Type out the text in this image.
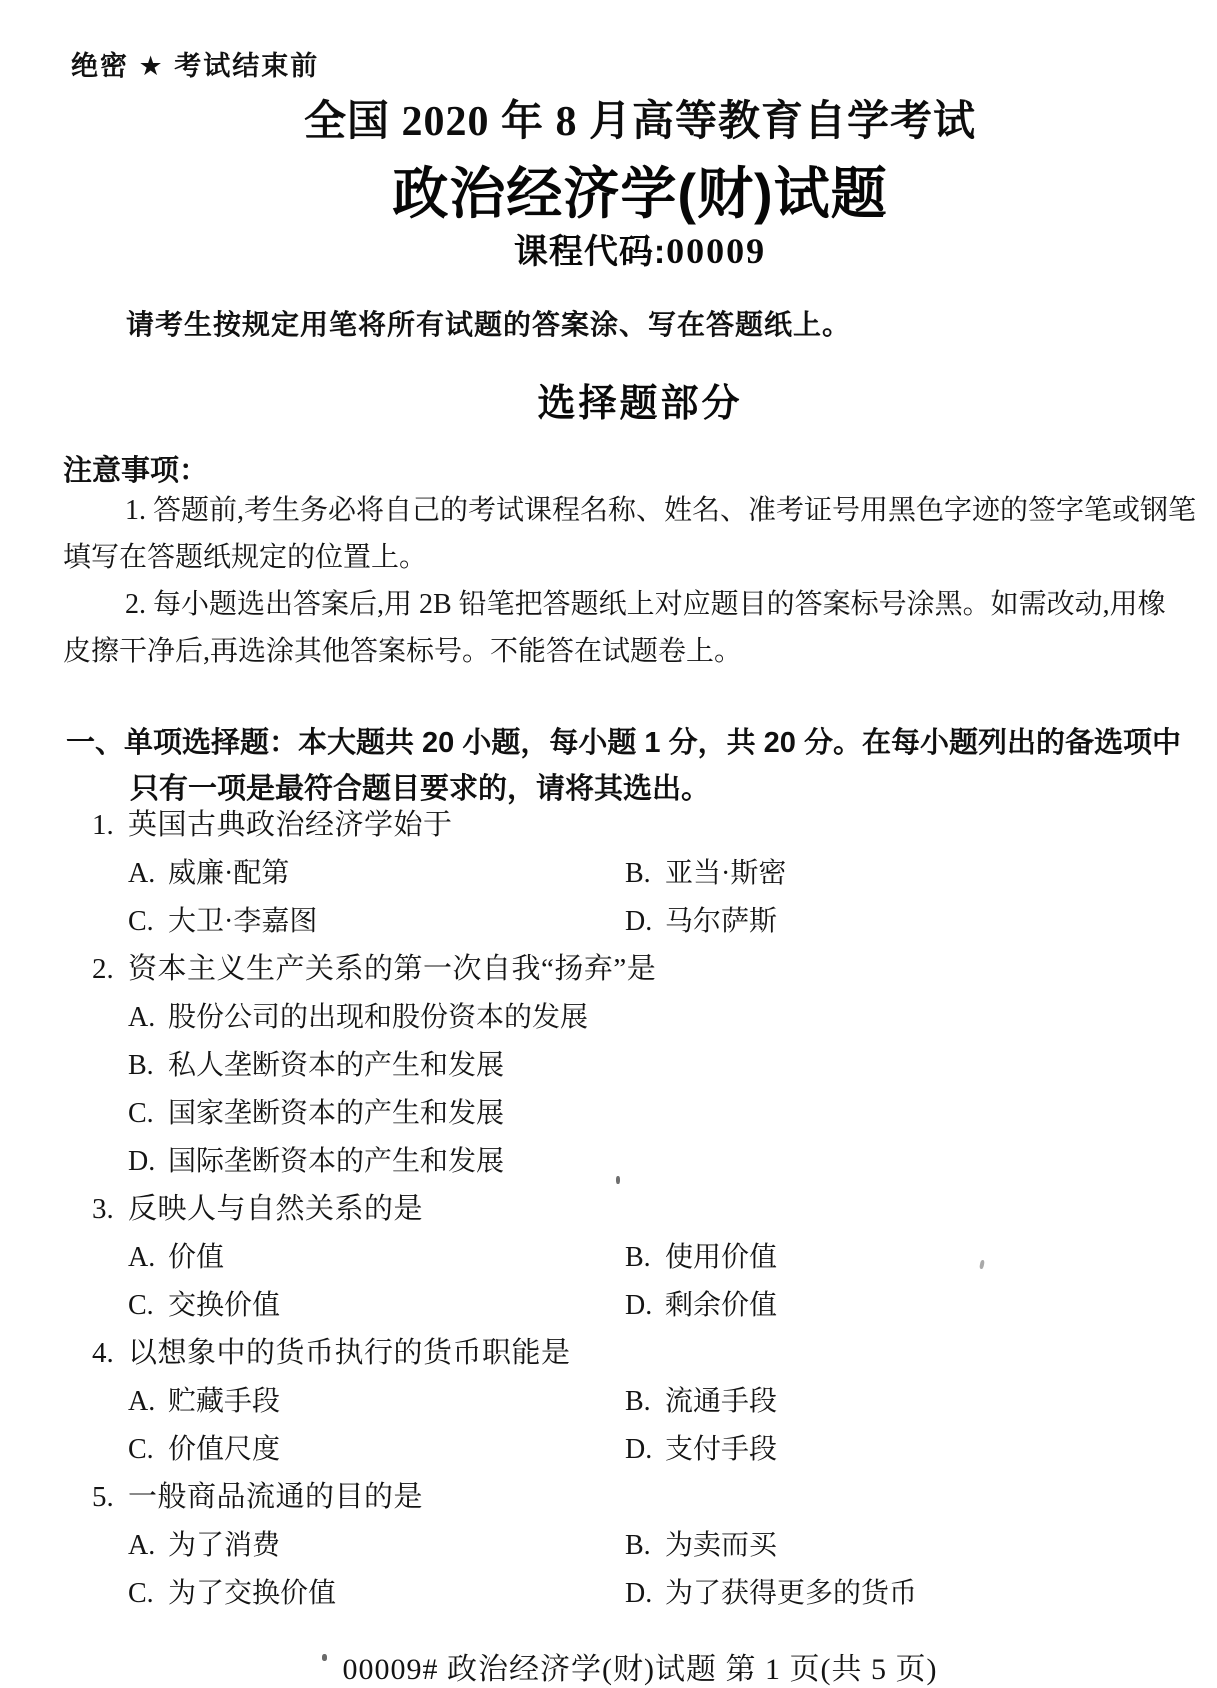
绝密 ★ 考试结束前
全国 2020 年 8 月高等教育自学考试
政治经济学(财)试题
课程代码:00009
请考生按规定用笔将所有试题的答案涂、写在答题纸上。
选择题部分
注意事项：
1. 答题前,考生务必将自己的考试课程名称、姓名、准考证号用黑色字迹的签字笔或钢笔
填写在答题纸规定的位置上。
2. 每小题选出答案后,用 2B 铅笔把答题纸上对应题目的答案标号涂黑。如需改动,用橡
皮擦干净后,再选涂其他答案标号。不能答在试题卷上。
一、单项选择题：本大题共 20 小题，每小题 1 分，共 20 分。在每小题列出的备选项中
只有一项是最符合题目要求的，请将其选出。
1. 英国古典政治经济学始于
A. 威廉·配第	B. 亚当·斯密
C. 大卫·李嘉图	D. 马尔萨斯
2. 资本主义生产关系的第一次自我“扬弃”是
A. 股份公司的出现和股份资本的发展
B. 私人垄断资本的产生和发展
C. 国家垄断资本的产生和发展
D. 国际垄断资本的产生和发展
3. 反映人与自然关系的是
A. 价值	B. 使用价值
C. 交换价值	D. 剩余价值
4. 以想象中的货币执行的货币职能是
A. 贮藏手段	B. 流通手段
C. 价值尺度	D. 支付手段
5. 一般商品流通的目的是
A. 为了消费	B. 为卖而买
C. 为了交换价值	D. 为了获得更多的货币
00009# 政治经济学(财)试题 第 1 页(共 5 页)
